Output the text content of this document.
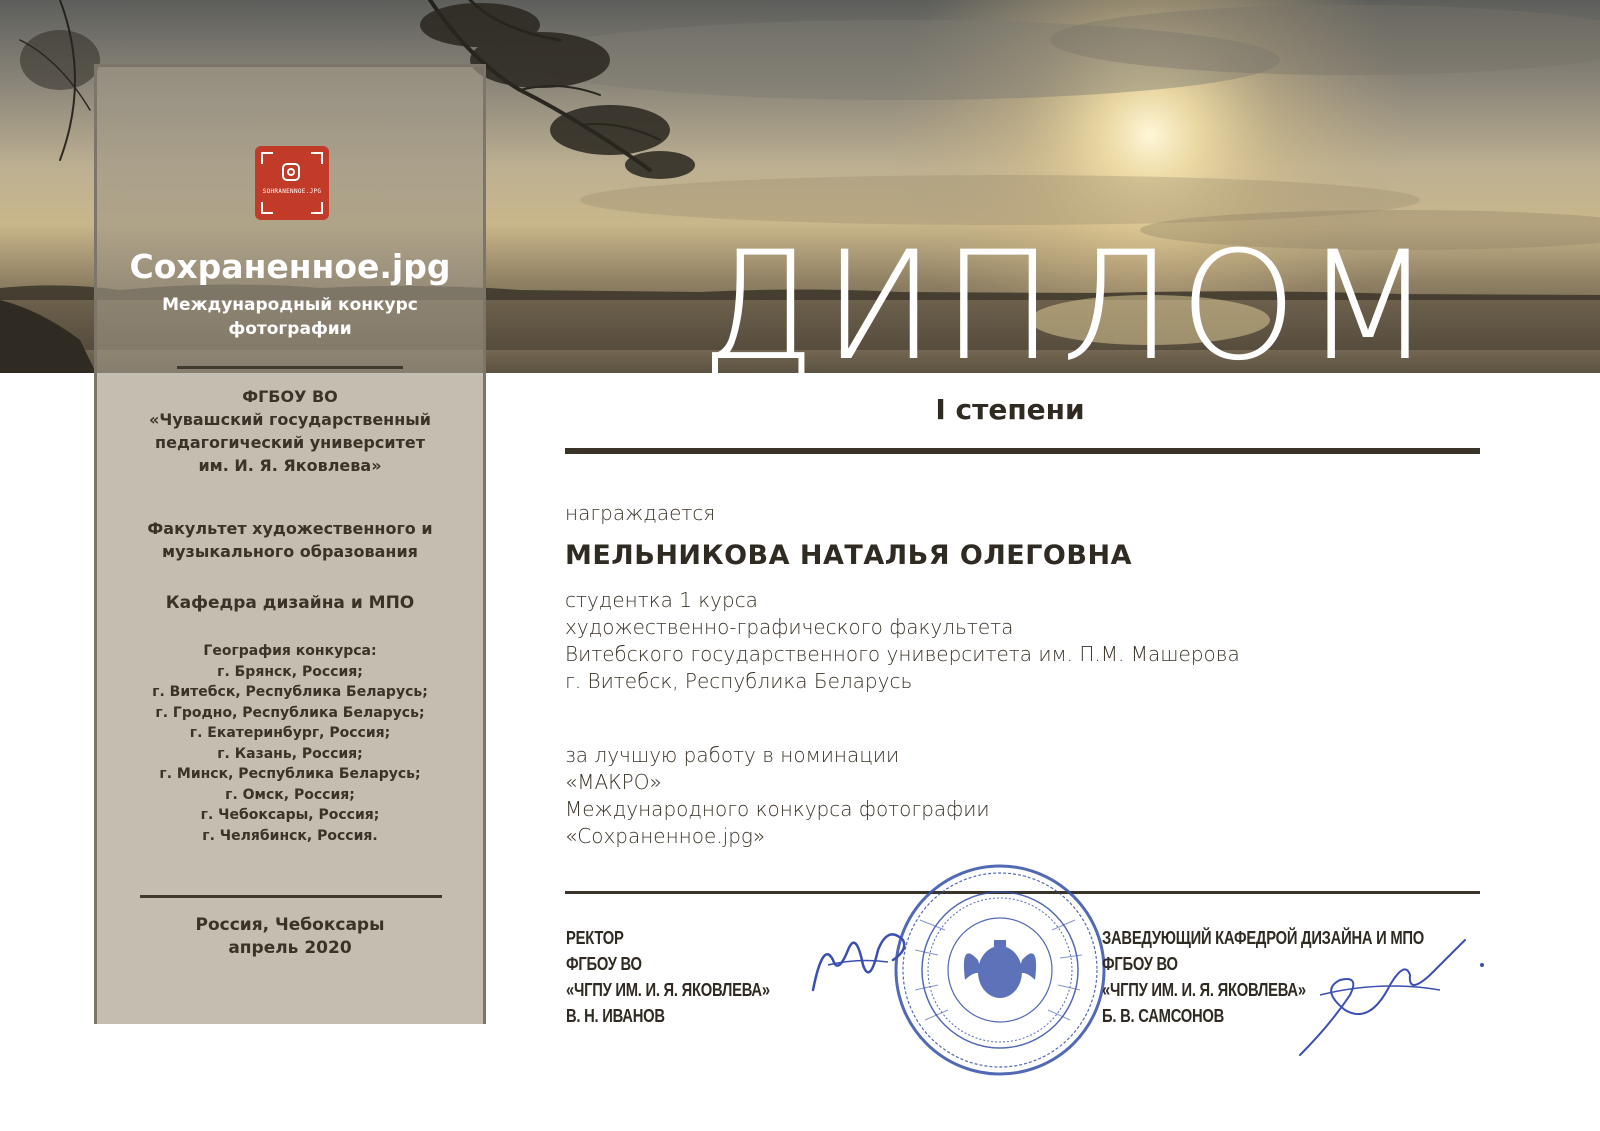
SOHRANENNOE.JPG
Сохраненное.jpg
Международный конкурс
фотографии
ФГБОУ ВО
«Чувашский государственный
педагогический университет
им. И. Я. Яковлева»
Факультет художественного и
музыкального образования
Кафедра дизайна и МПО
География конкурса:
г. Брянск, Россия;
г. Витебск, Республика Беларусь;
г. Гродно, Республика Беларусь;
г. Екатеринбург, Россия;
г. Казань, Россия;
г. Минск, Республика Беларусь;
г. Омск, Россия;
г. Чебоксары, Россия;
г. Челябинск, Россия.
Россия, Чебоксары
апрель 2020
ДИПЛОМ
I степени
награждается
МЕЛЬНИКОВА НАТАЛЬЯ ОЛЕГОВНА
студентка 1 курса
художественно-графического факультета
Витебского государственного университета им. П.М. Машерова
г. Витебск, Республика Беларусь
за лучшую работу в номинации
«МАКРО»
Международного конкурса фотографии
«Сохраненное.jpg»
РЕКТОР
ФГБОУ ВО
«ЧГПУ ИМ. И. Я. ЯКОВЛЕВА»
В. Н. ИВАНОВ
ЗАВЕДУЮЩИЙ КАФЕДРОЙ ДИЗАЙНА И МПО
ФГБОУ ВО
«ЧГПУ ИМ. И. Я. ЯКОВЛЕВА»
Б. В. САМСОНОВ
